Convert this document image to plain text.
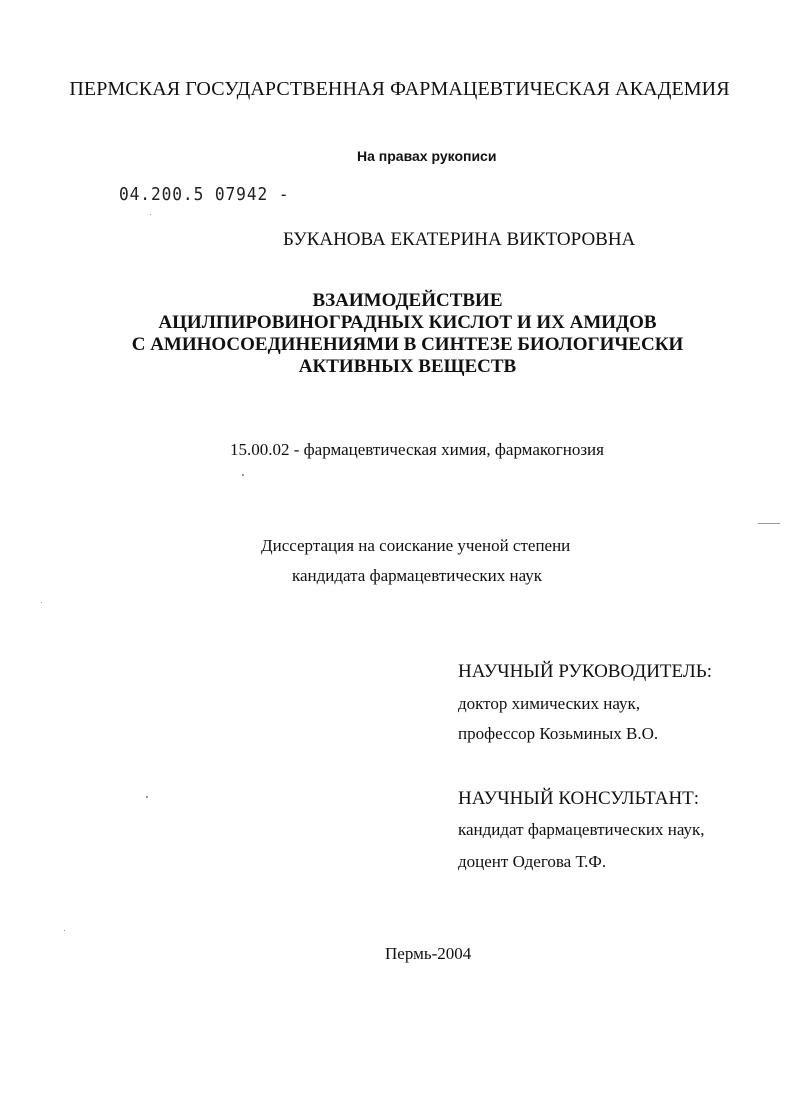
ПЕРМСКАЯ ГОСУДАРСТВЕННАЯ ФАРМАЦЕВТИЧЕСКАЯ АКАДЕМИЯ
На правах рукописи
04.200.5 07942 -
БУКАНОВА ЕКАТЕРИНА ВИКТОРОВНА
ВЗАИМОДЕЙСТВИЕ
АЦИЛПИРОВИНОГРАДНЫХ КИСЛОТ И ИХ АМИДОВ
С АМИНОСОЕДИНЕНИЯМИ В СИНТЕЗЕ БИОЛОГИЧЕСКИ
АКТИВНЫХ ВЕЩЕСТВ
15.00.02 - фармацевтическая химия, фармакогнозия
Диссертация на соискание ученой степени
кандидата фармацевтических наук
НАУЧНЫЙ РУКОВОДИТЕЛЬ:
доктор химических наук,
профессор Козьминых В.О.
НАУЧНЫЙ КОНСУЛЬТАНТ:
кандидат фармацевтических наук,
доцент Одегова Т.Ф.
Пермь-2004
